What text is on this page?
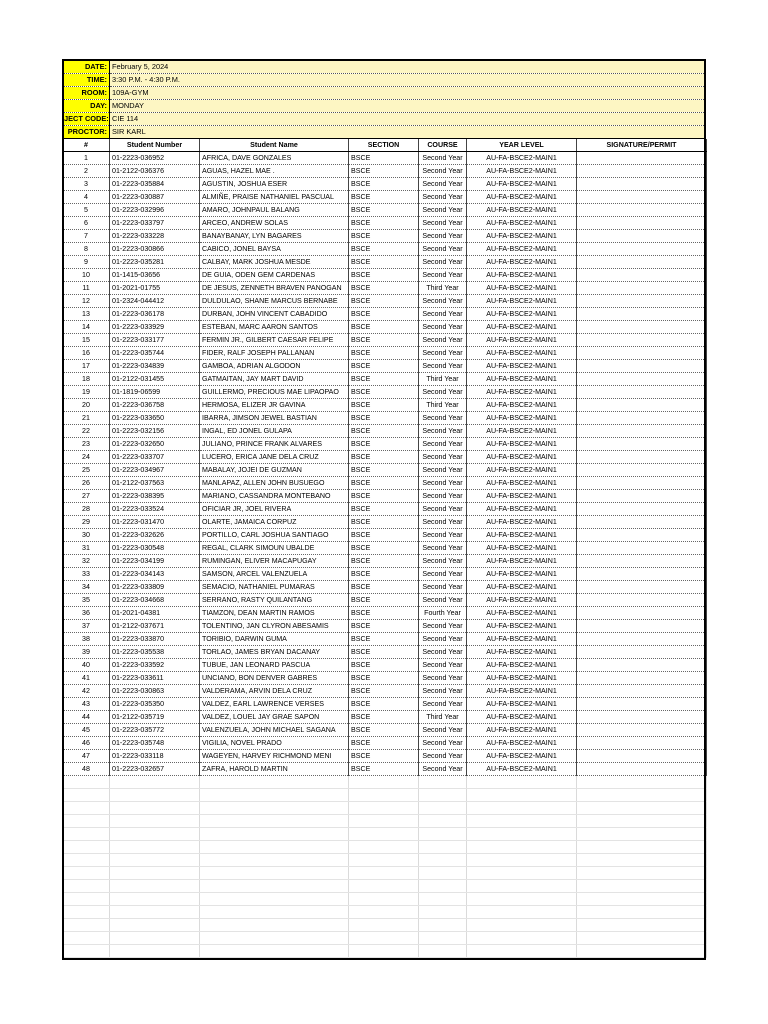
DATE:	February 5, 2024
TIME:	3:30 P.M. - 4:30 P.M.
ROOM:	109A-GYM
DAY:	MONDAY
JECT CODE:	CIE 114
PROCTOR:	SIR KARL
#	Student Number	Student Name	SECTION	COURSE	YEAR LEVEL	SIGNATURE/PERMIT
1	01-2223-036952	AFRICA, DAVE GONZALES	BSCE	Second Year	AU-FA-BSCE2-MAIN1	
2	01-2122-036376	AGUAS, HAZEL MAE .	BSCE	Second Year	AU-FA-BSCE2-MAIN1	
3	01-2223-035884	AGUSTIN, JOSHUA ESER	BSCE	Second Year	AU-FA-BSCE2-MAIN1	
4	01-2223-030887	ALMIÑE, PRAISE NATHANIEL PASCUAL	BSCE	Second Year	AU-FA-BSCE2-MAIN1	
5	01-2223-032996	AMARO, JOHNPAUL BALANG	BSCE	Second Year	AU-FA-BSCE2-MAIN1	
6	01-2223-033797	ARCEO, ANDREW SOLAS	BSCE	Second Year	AU-FA-BSCE2-MAIN1	
7	01-2223-033228	BANAYBANAY, LYN BAGARES	BSCE	Second Year	AU-FA-BSCE2-MAIN1	
8	01-2223-030866	CABICO, JONEL BAYSA	BSCE	Second Year	AU-FA-BSCE2-MAIN1	
9	01-2223-035281	CALBAY, MARK JOSHUA MESDE	BSCE	Second Year	AU-FA-BSCE2-MAIN1	
10	01-1415-03656	DE GUIA, ODEN GEM CARDENAS	BSCE	Second Year	AU-FA-BSCE2-MAIN1	
11	01-2021-01755	DE JESUS, ZENNETH BRAVEN PANOGAN	BSCE	Third Year	AU-FA-BSCE2-MAIN1	
12	01-2324-044412	DULDULAO, SHANE MARCUS BERNABE	BSCE	Second Year	AU-FA-BSCE2-MAIN1	
13	01-2223-036178	DURBAN, JOHN VINCENT CABADIDO	BSCE	Second Year	AU-FA-BSCE2-MAIN1	
14	01-2223-033929	ESTEBAN, MARC AARON SANTOS	BSCE	Second Year	AU-FA-BSCE2-MAIN1	
15	01-2223-033177	FERMIN JR., GILBERT CAESAR FELIPE	BSCE	Second Year	AU-FA-BSCE2-MAIN1	
16	01-2223-035744	FIDER, RALF JOSEPH PALLANAN	BSCE	Second Year	AU-FA-BSCE2-MAIN1	
17	01-2223-034839	GAMBOA, ADRIAN ALGODON	BSCE	Second Year	AU-FA-BSCE2-MAIN1	
18	01-2122-031455	GATMAITAN, JAY MART DAVID	BSCE	Third Year	AU-FA-BSCE2-MAIN1	
19	01-1819-06599	GUILLERMO, PRECIOUS MAE LIPAOPAO	BSCE	Second Year	AU-FA-BSCE2-MAIN1	
20	01-2223-036758	HERMOSA, ELIZER JR GAVINA	BSCE	Third Year	AU-FA-BSCE2-MAIN1	
21	01-2223-033650	IBARRA, JIMSON JEWEL BASTIAN	BSCE	Second Year	AU-FA-BSCE2-MAIN1	
22	01-2223-032156	INGAL, ED JONEL GULAPA	BSCE	Second Year	AU-FA-BSCE2-MAIN1	
23	01-2223-032650	JULIANO, PRINCE FRANK ALVARES	BSCE	Second Year	AU-FA-BSCE2-MAIN1	
24	01-2223-033707	LUCERO, ERICA JANE DELA CRUZ	BSCE	Second Year	AU-FA-BSCE2-MAIN1	
25	01-2223-034967	MABALAY, JOJEI DE GUZMAN	BSCE	Second Year	AU-FA-BSCE2-MAIN1	
26	01-2122-037563	MANLAPAZ, ALLEN JOHN BUSUEGO	BSCE	Second Year	AU-FA-BSCE2-MAIN1	
27	01-2223-038395	MARIANO, CASSANDRA MONTEBANO	BSCE	Second Year	AU-FA-BSCE2-MAIN1	
28	01-2223-033524	OFICIAR JR, JOEL RIVERA	BSCE	Second Year	AU-FA-BSCE2-MAIN1	
29	01-2223-031470	OLARTE, JAMAICA CORPUZ	BSCE	Second Year	AU-FA-BSCE2-MAIN1	
30	01-2223-032626	PORTILLO, CARL JOSHUA SANTIAGO	BSCE	Second Year	AU-FA-BSCE2-MAIN1	
31	01-2223-030548	REGAL, CLARK SIMOUN UBALDE	BSCE	Second Year	AU-FA-BSCE2-MAIN1	
32	01-2223-034199	RUMINGAN, ELIVER MACAPUGAY	BSCE	Second Year	AU-FA-BSCE2-MAIN1	
33	01-2223-034143	SAMSON, ARCEL VALENZUELA	BSCE	Second Year	AU-FA-BSCE2-MAIN1	
34	01-2223-033809	SEMACIO, NATHANIEL PUMARAS	BSCE	Second Year	AU-FA-BSCE2-MAIN1	
35	01-2223-034668	SERRANO, RASTY QUILANTANG	BSCE	Second Year	AU-FA-BSCE2-MAIN1	
36	01-2021-04381	TIAMZON, DEAN MARTIN RAMOS	BSCE	Fourth Year	AU-FA-BSCE2-MAIN1	
37	01-2122-037671	TOLENTINO, JAN CLYRON ABESAMIS	BSCE	Second Year	AU-FA-BSCE2-MAIN1	
38	01-2223-033870	TORIBIO, DARWIN GUMA	BSCE	Second Year	AU-FA-BSCE2-MAIN1	
39	01-2223-035538	TORLAO, JAMES BRYAN DACANAY	BSCE	Second Year	AU-FA-BSCE2-MAIN1	
40	01-2223-033592	TUBUE, JAN LEONARD PASCUA	BSCE	Second Year	AU-FA-BSCE2-MAIN1	
41	01-2223-033611	UNCIANO, BON DENVER GABRES	BSCE	Second Year	AU-FA-BSCE2-MAIN1	
42	01-2223-030863	VALDERAMA, ARVIN DELA CRUZ	BSCE	Second Year	AU-FA-BSCE2-MAIN1	
43	01-2223-035350	VALDEZ, EARL LAWRENCE VERSES	BSCE	Second Year	AU-FA-BSCE2-MAIN1	
44	01-2122-035719	VALDEZ, LOUEL JAY GRAE SAPON	BSCE	Third Year	AU-FA-BSCE2-MAIN1	
45	01-2223-035772	VALENZUELA, JOHN MICHAEL SAGANA	BSCE	Second Year	AU-FA-BSCE2-MAIN1	
46	01-2223-035748	VIGILIA, NOVEL PRADO	BSCE	Second Year	AU-FA-BSCE2-MAIN1	
47	01-2223-033118	WAGEYEN, HARVEY RICHMOND MENI	BSCE	Second Year	AU-FA-BSCE2-MAIN1	
48	01-2223-032657	ZAFRA, HAROLD MARTIN	BSCE	Second Year	AU-FA-BSCE2-MAIN1	
